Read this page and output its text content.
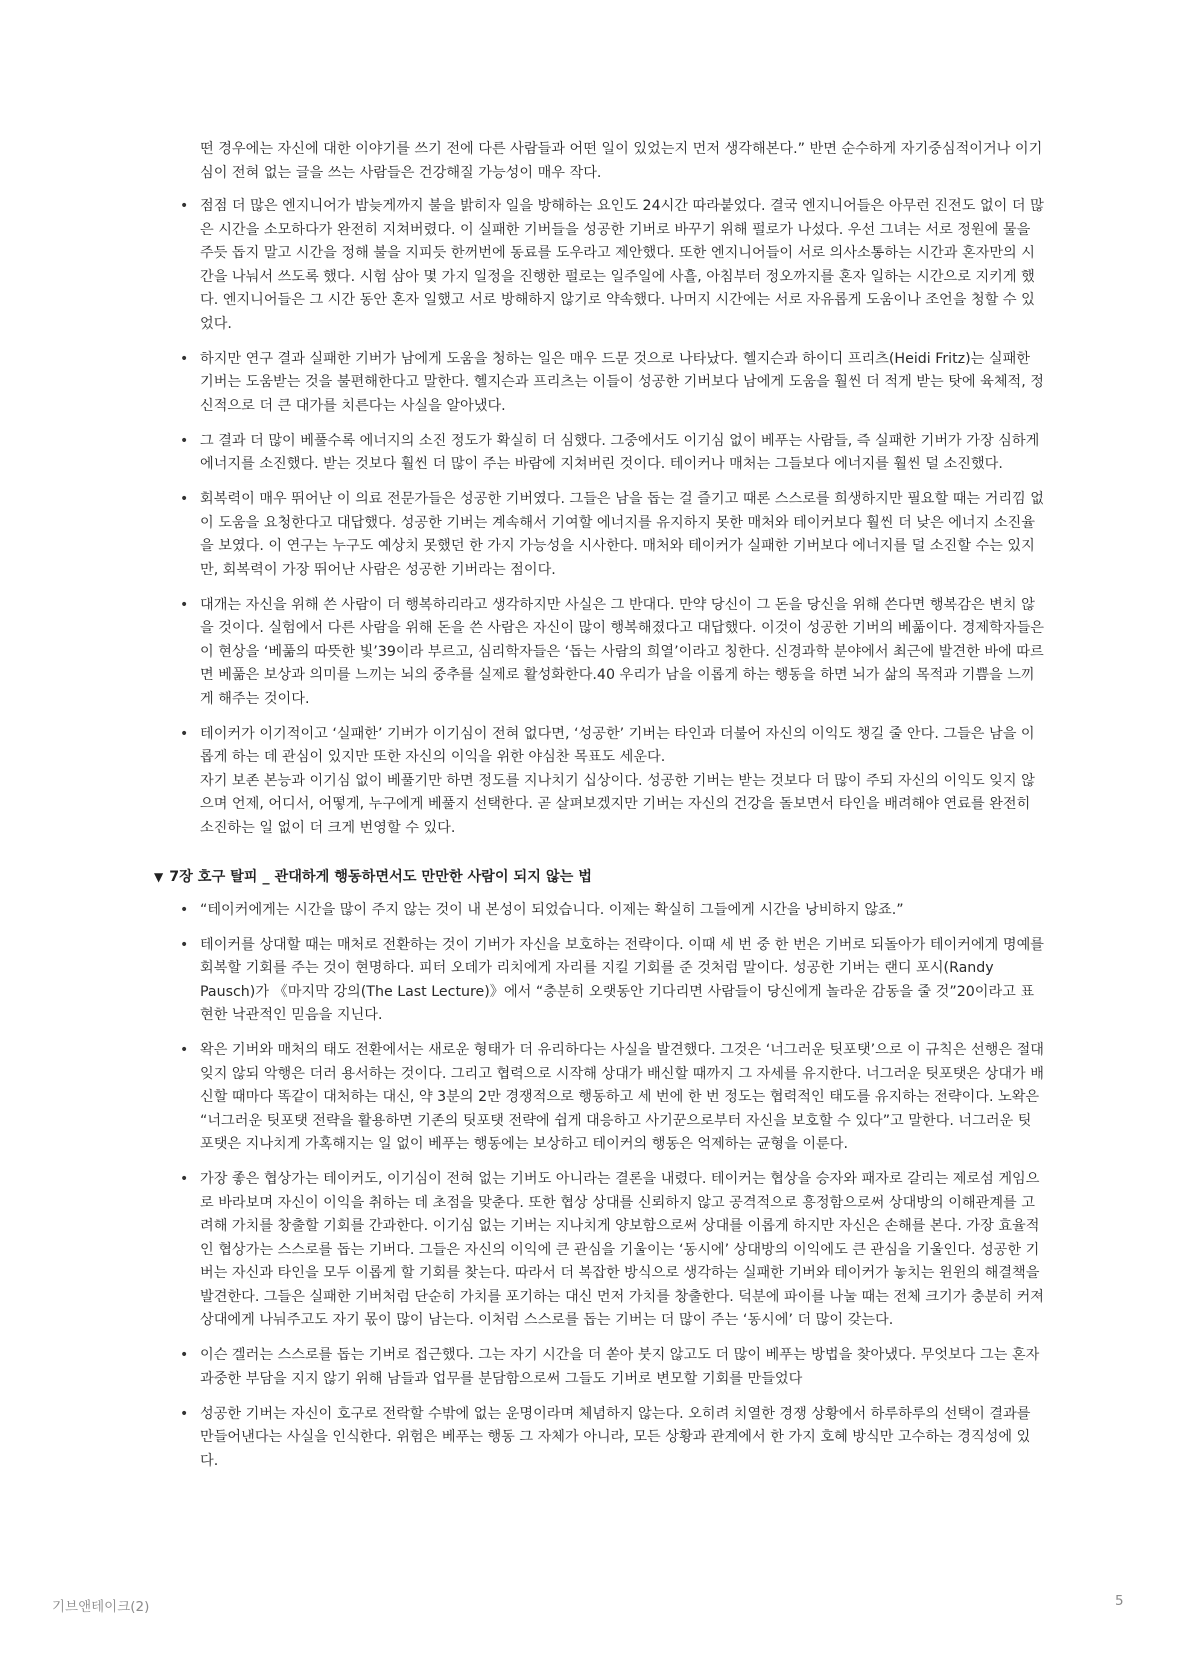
떤 경우에는 자신에 대한 이야기를 쓰기 전에 다른 사람들과 어떤 일이 있었는지 먼저 생각해본다.” 반면 순수하게 자기중심적이거나 이기심이 전혀 없는 글을 쓰는 사람들은 건강해질 가능성이 매우 작다.

• 점점 더 많은 엔지니어가 밤늦게까지 불을 밝히자 일을 방해하는 요인도 24시간 따라붙었다. 결국 엔지니어들은 아무런 진전도 없이 더 많은 시간을 소모하다가 완전히 지쳐버렸다. 이 실패한 기버들을 성공한 기버로 바꾸기 위해 펄로가 나섰다. 우선 그녀는 서로 정원에 물을 주듯 돕지 말고 시간을 정해 불을 지피듯 한꺼번에 동료를 도우라고 제안했다. 또한 엔지니어들이 서로 의사소통하는 시간과 혼자만의 시간을 나눠서 쓰도록 했다. 시험 삼아 몇 가지 일정을 진행한 펄로는 일주일에 사흘, 아침부터 정오까지를 혼자 일하는 시간으로 지키게 했다. 엔지니어들은 그 시간 동안 혼자 일했고 서로 방해하지 않기로 약속했다. 나머지 시간에는 서로 자유롭게 도움이나 조언을 청할 수 있었다.
• 하지만 연구 결과 실패한 기버가 남에게 도움을 청하는 일은 매우 드문 것으로 나타났다. 헬지슨과 하이디 프리츠(Heidi Fritz)는 실패한 기버는 도움받는 것을 불편해한다고 말한다. 헬지슨과 프리츠는 이들이 성공한 기버보다 남에게 도움을 훨씬 더 적게 받는 탓에 육체적, 정신적으로 더 큰 대가를 치른다는 사실을 알아냈다.
• 그 결과 더 많이 베풀수록 에너지의 소진 정도가 확실히 더 심했다. 그중에서도 이기심 없이 베푸는 사람들, 즉 실패한 기버가 가장 심하게 에너지를 소진했다. 받는 것보다 훨씬 더 많이 주는 바람에 지쳐버린 것이다. 테이커나 매처는 그들보다 에너지를 훨씬 덜 소진했다.
• 회복력이 매우 뛰어난 이 의료 전문가들은 성공한 기버였다. 그들은 남을 돕는 걸 즐기고 때론 스스로를 희생하지만 필요할 때는 거리낌 없이 도움을 요청한다고 대답했다. 성공한 기버는 계속해서 기여할 에너지를 유지하지 못한 매처와 테이커보다 훨씬 더 낮은 에너지 소진율을 보였다. 이 연구는 누구도 예상치 못했던 한 가지 가능성을 시사한다. 매처와 테이커가 실패한 기버보다 에너지를 덜 소진할 수는 있지만, 회복력이 가장 뛰어난 사람은 성공한 기버라는 점이다.
• 대개는 자신을 위해 쓴 사람이 더 행복하리라고 생각하지만 사실은 그 반대다. 만약 당신이 그 돈을 당신을 위해 쓴다면 행복감은 변치 않을 것이다. 실험에서 다른 사람을 위해 돈을 쓴 사람은 자신이 많이 행복해졌다고 대답했다. 이것이 성공한 기버의 베풂이다. 경제학자들은 이 현상을 ‘베풂의 따뜻한 빛’39이라 부르고, 심리학자들은 ‘돕는 사람의 희열’이라고 칭한다. 신경과학 분야에서 최근에 발견한 바에 따르면 베풂은 보상과 의미를 느끼는 뇌의 중추를 실제로 활성화한다.40 우리가 남을 이롭게 하는 행동을 하면 뇌가 삶의 목적과 기쁨을 느끼게 해주는 것이다.
• 테이커가 이기적이고 ‘실패한’ 기버가 이기심이 전혀 없다면, ‘성공한’ 기버는 타인과 더불어 자신의 이익도 챙길 줄 안다. 그들은 남을 이롭게 하는 데 관심이 있지만 또한 자신의 이익을 위한 야심찬 목표도 세운다.
자기 보존 본능과 이기심 없이 베풀기만 하면 정도를 지나치기 십상이다. 성공한 기버는 받는 것보다 더 많이 주되 자신의 이익도 잊지 않으며 언제, 어디서, 어떻게, 누구에게 베풀지 선택한다. 곧 살펴보겠지만 기버는 자신의 건강을 돌보면서 타인을 배려해야 연료를 완전히 소진하는 일 없이 더 크게 번영할 수 있다.
▼ 7장 호구 탈피 _ 관대하게 행동하면서도 만만한 사람이 되지 않는 법
• “테이커에게는 시간을 많이 주지 않는 것이 내 본성이 되었습니다. 이제는 확실히 그들에게 시간을 낭비하지 않죠.”
• 테이커를 상대할 때는 매처로 전환하는 것이 기버가 자신을 보호하는 전략이다. 이때 세 번 중 한 번은 기버로 되돌아가 테이커에게 명예를 회복할 기회를 주는 것이 현명하다. 피터 오데가 리치에게 자리를 지킬 기회를 준 것처럼 말이다. 성공한 기버는 랜디 포시(Randy Pausch)가 《마지막 강의(The Last Lecture)》에서 “충분히 오랫동안 기다리면 사람들이 당신에게 놀라운 감동을 줄 것”20이라고 표현한 낙관적인 믿음을 지닌다.
• 왁은 기버와 매처의 태도 전환에서는 새로운 형태가 더 유리하다는 사실을 발견했다. 그것은 ‘너그러운 팃포탯’으로 이 규칙은 선행은 절대 잊지 않되 악행은 더러 용서하는 것이다. 그리고 협력으로 시작해 상대가 배신할 때까지 그 자세를 유지한다. 너그러운 팃포탯은 상대가 배신할 때마다 똑같이 대처하는 대신, 약 3분의 2만 경쟁적으로 행동하고 세 번에 한 번 정도는 협력적인 태도를 유지하는 전략이다. 노왁은 “너그러운 팃포탯 전략을 활용하면 기존의 팃포탯 전략에 쉽게 대응하고 사기꾼으로부터 자신을 보호할 수 있다”고 말한다. 너그러운 팃포탯은 지나치게 가혹해지는 일 없이 베푸는 행동에는 보상하고 테이커의 행동은 억제하는 균형을 이룬다.
• 가장 좋은 협상가는 테이커도, 이기심이 전혀 없는 기버도 아니라는 결론을 내렸다. 테이커는 협상을 승자와 패자로 갈리는 제로섬 게임으로 바라보며 자신이 이익을 취하는 데 초점을 맞춘다. 또한 협상 상대를 신뢰하지 않고 공격적으로 흥정함으로써 상대방의 이해관계를 고려해 가치를 창출할 기회를 간과한다. 이기심 없는 기버는 지나치게 양보함으로써 상대를 이롭게 하지만 자신은 손해를 본다. 가장 효율적인 협상가는 스스로를 돕는 기버다. 그들은 자신의 이익에 큰 관심을 기울이는 ‘동시에’ 상대방의 이익에도 큰 관심을 기울인다. 성공한 기버는 자신과 타인을 모두 이롭게 할 기회를 찾는다. 따라서 더 복잡한 방식으로 생각하는 실패한 기버와 테이커가 놓치는 윈윈의 해결책을 발견한다. 그들은 실패한 기버처럼 단순히 가치를 포기하는 대신 먼저 가치를 창출한다. 덕분에 파이를 나눌 때는 전체 크기가 충분히 커져 상대에게 나눠주고도 자기 몫이 많이 남는다. 이처럼 스스로를 돕는 기버는 더 많이 주는 ‘동시에’ 더 많이 갖는다.
• 이슨 겔러는 스스로를 돕는 기버로 접근했다. 그는 자기 시간을 더 쏟아 붓지 않고도 더 많이 베푸는 방법을 찾아냈다. 무엇보다 그는 혼자 과중한 부담을 지지 않기 위해 남들과 업무를 분담함으로써 그들도 기버로 변모할 기회를 만들었다
• 성공한 기버는 자신이 호구로 전락할 수밖에 없는 운명이라며 체념하지 않는다. 오히려 치열한 경쟁 상황에서 하루하루의 선택이 결과를 만들어낸다는 사실을 인식한다. 위험은 베푸는 행동 그 자체가 아니라, 모든 상황과 관계에서 한 가지 호혜 방식만 고수하는 경직성에 있다.
기브앤테이크(2)	5
